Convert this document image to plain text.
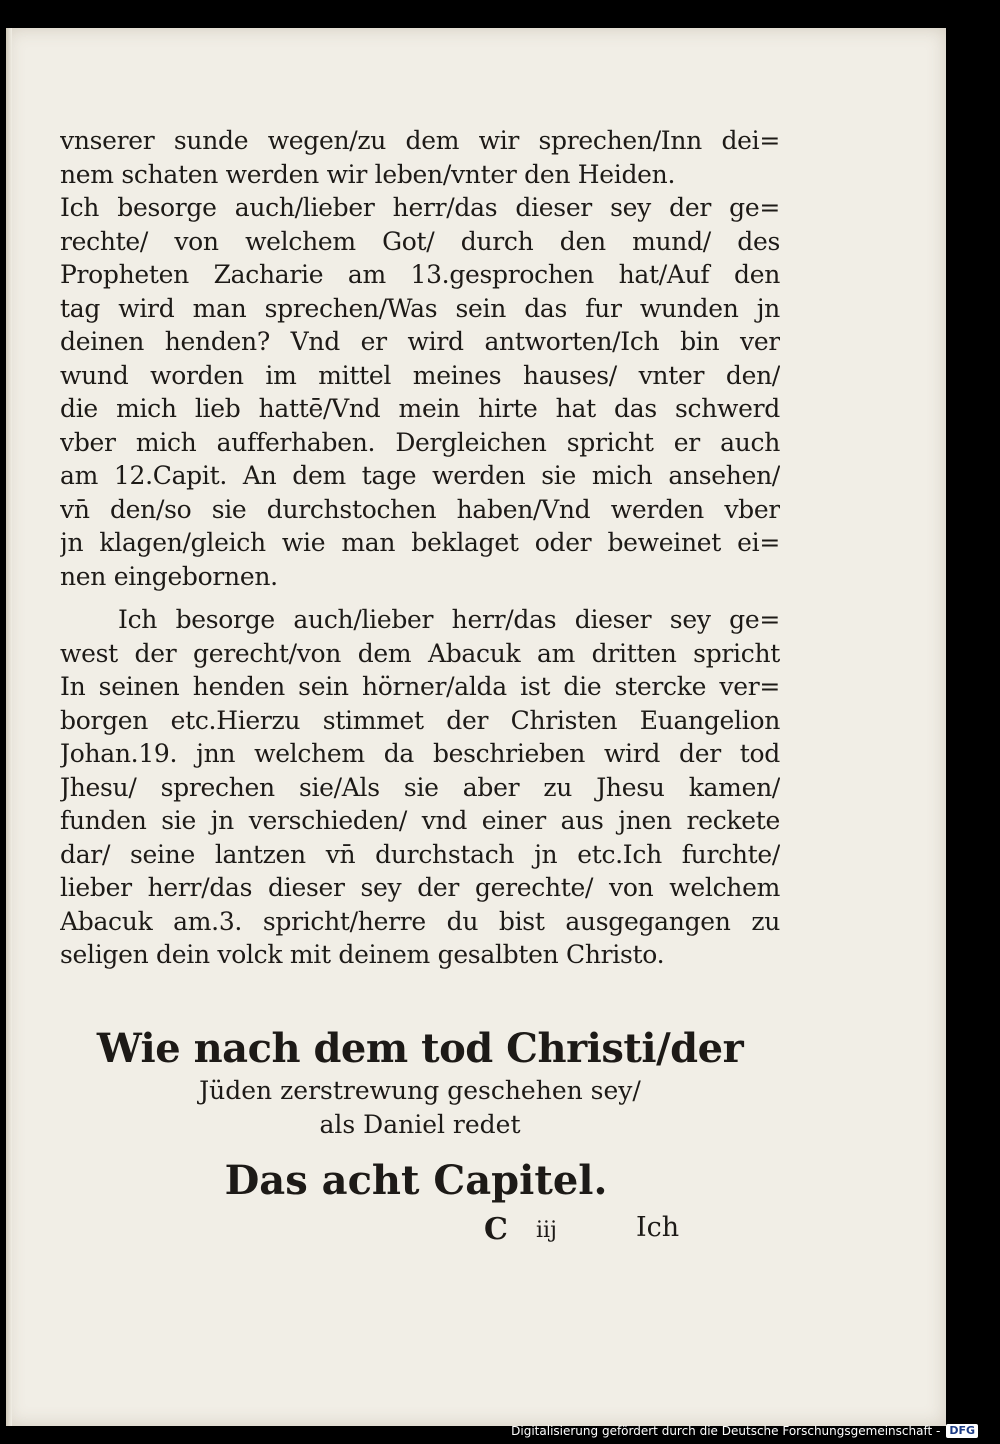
vnserer sunde wegen/zu dem wir sprechen/Inn dei=
nem schaten werden wir leben/vnter den Heiden.
Ich besorge auch/lieber herr/das dieser sey der ge=
rechte/ von welchem Got/ durch den mund/ des
Propheten Zacharie am 13.gesprochen hat/Auf den
tag wird man sprechen/Was sein das fur wunden jn
deinen henden? Vnd er wird antworten/Ich bin ver
wund worden im mittel meines hauses/ vnter den/
die mich lieb hattē/Vnd mein hirte hat das schwerd
vber mich aufferhaben. Dergleichen spricht er auch
am 12.Capit. An dem tage werden sie mich ansehen/
vn̄ den/so sie durchstochen haben/Vnd werden vber
jn klagen/gleich wie man beklaget oder beweinet ei=
nen eingebornen.
Ich besorge auch/lieber herr/das dieser sey ge=
west der gerecht/von dem Abacuk am dritten spricht
In seinen henden sein hörner/alda ist die stercke ver=
borgen etc.Hierzu stimmet der Christen Euangelion
Johan.19. jnn welchem da beschrieben wird der tod
Jhesu/ sprechen sie/Als sie aber zu Jhesu kamen/
funden sie jn verschieden/ vnd einer aus jnen reckete
dar/ seine lantzen vn̄ durchstach jn etc.Ich furchte/
lieber herr/das dieser sey der gerechte/ von welchem
Abacuk am.3. spricht/herre du bist ausgegangen zu
seligen dein volck mit deinem gesalbten Christo.
Wie nach dem tod Christi/der
Jüden zerstrewung geschehen sey/
als Daniel redet
Das acht Capitel.
C iij	Ich
Digitalisierung gefördert durch die Deutsche Forschungsgemeinschaft - DFG
